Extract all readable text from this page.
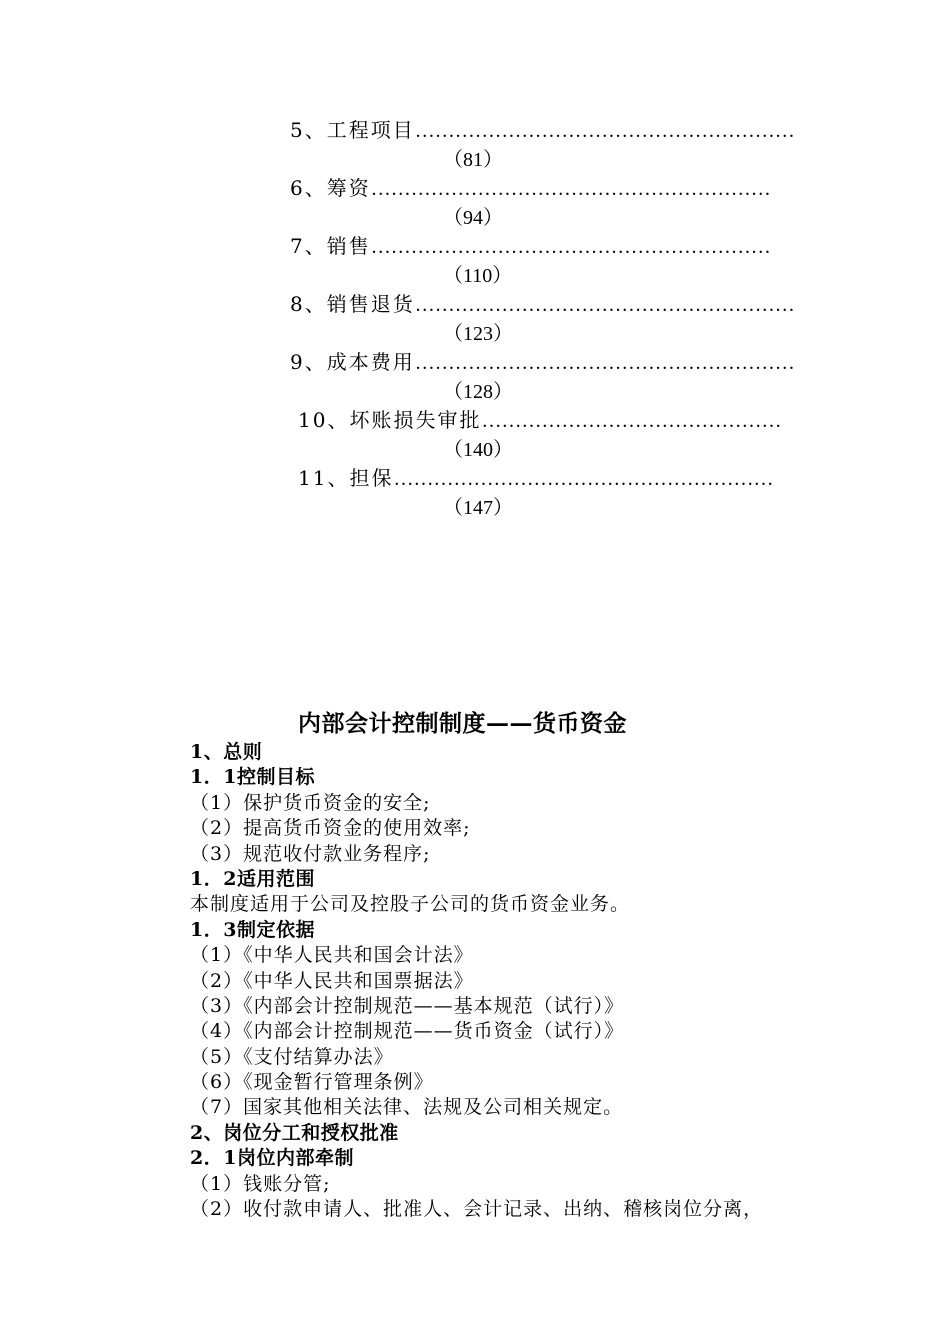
5、工程项目…………………………………………………
（81）
6、筹资……………………………………………………
（94）
7、销售……………………………………………………
（110）
8、销售退货…………………………………………………
（123）
9、成本费用…………………………………………………
（128）
10、坏账损失审批………………………………………
（140）
11、担保…………………………………………………
（147）
内部会计控制制度——货币资金
1、总则
1．1控制目标
（1）保护货币资金的安全;
（2）提高货币资金的使用效率;
（3）规范收付款业务程序;
1．2适用范围
本制度适用于公司及控股子公司的货币资金业务。
1．3制定依据
（1）《中华人民共和国会计法》
（2）《中华人民共和国票据法》
（3）《内部会计控制规范——基本规范（试行）》
（4）《内部会计控制规范——货币资金（试行）》
（5）《支付结算办法》
（6）《现金暂行管理条例》
（7）国家其他相关法律、法规及公司相关规定。
2、岗位分工和授权批准
2．1岗位内部牵制
（1）钱账分管;
（2）收付款申请人、批准人、会计记录、出纳、稽核岗位分离，
